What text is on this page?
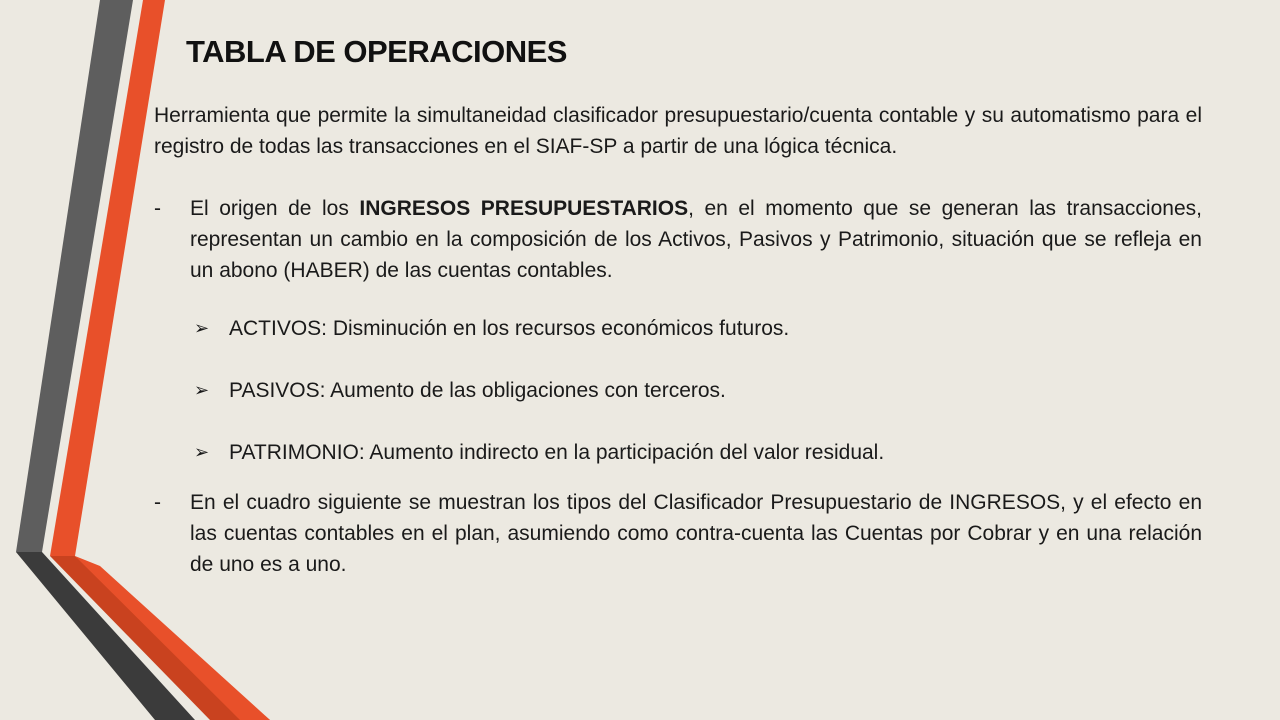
TABLA DE OPERACIONES

Herramienta que permite la simultaneidad clasificador presupuestario/cuenta contable y su automatismo para el registro de todas las transacciones en el SIAF-SP a partir de una lógica técnica.

-	El origen de los INGRESOS PRESUPUESTARIOS, en el momento que se generan las transacciones, representan un cambio en la composición de los Activos, Pasivos y Patrimonio, situación que se refleja en un abono (HABER) de las cuentas contables.

➢ ACTIVOS: Disminución en los recursos económicos futuros.

➢ PASIVOS: Aumento de las obligaciones con terceros.

➢ PATRIMONIO: Aumento indirecto en la participación del valor residual.

-	En el cuadro siguiente se muestran los tipos del Clasificador Presupuestario de INGRESOS, y el efecto en las cuentas contables en el plan, asumiendo como contra-cuenta las Cuentas por Cobrar y en una relación de uno es a uno.
